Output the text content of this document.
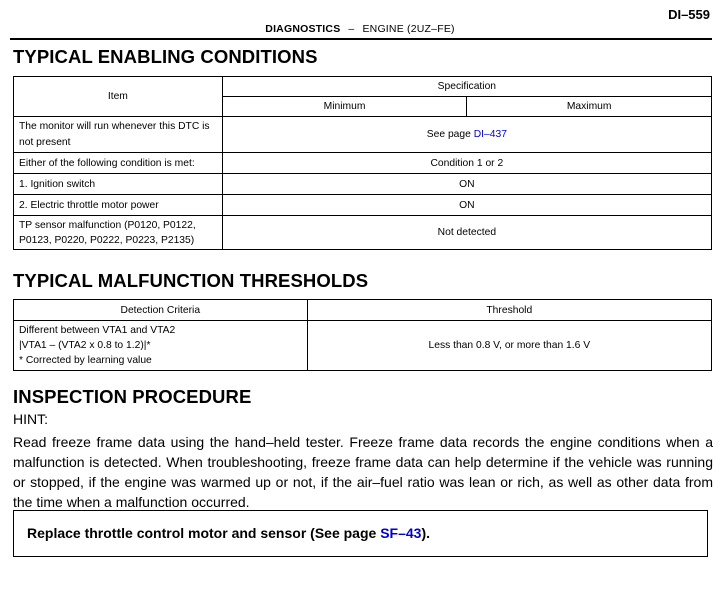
DIAGNOSTICS – ENGINE (2UZ–FE)
DI–559
TYPICAL ENABLING CONDITIONS
Item	Specification	
	Minimum	Maximum
The monitor will run whenever this DTC is not present	See page DI–437	
Either of the following condition is met:	Condition 1 or 2	
1. Ignition switch	ON	
2. Electric throttle motor power	ON	

TP sensor malfunction (P0120, P0122,
P0123, P0220, P0222, P0223, P2135)	Not detected	
TYPICAL MALFUNCTION THRESHOLDS
Detection Criteria	Threshold

Different between VTA1 and VTA2
|VTA1 – (VTA2 x 0.8 to 1.2)|*
* Corrected by learning value	Less than 0.8 V, or more than 1.6 V
INSPECTION PROCEDURE
HINT:
Read freeze frame data using the hand–held tester. Freeze frame data records the engine conditions when a malfunction is detected. When troubleshooting, freeze frame data can help determine if the vehicle was running or stopped, if the engine was warmed up or not, if the air–fuel ratio was lean or rich, as well as other data from the time when a malfunction occurred.
Replace throttle control motor and sensor (See page SF–43).
